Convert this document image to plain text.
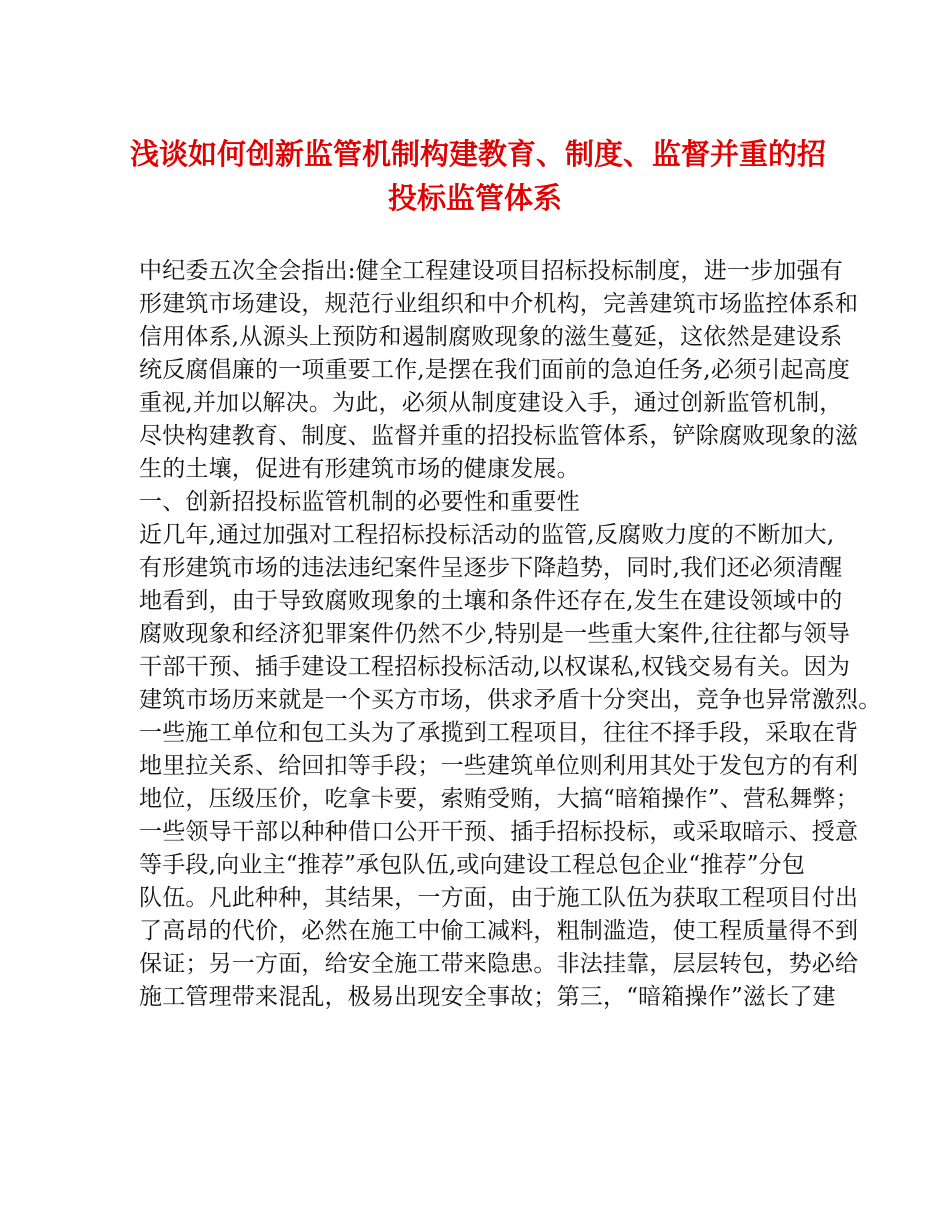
浅谈如何创新监管机制构建教育、制度、监督并重的招
投标监管体系
中纪委五次全会指出:健全工程建设项目招标投标制度，进一步加强有
形建筑市场建设，规范行业组织和中介机构，完善建筑市场监控体系和
信用体系,从源头上预防和遏制腐败现象的滋生蔓延，这依然是建设系
统反腐倡廉的一项重要工作,是摆在我们面前的急迫任务,必须引起高度
重视,并加以解决。为此，必须从制度建设入手，通过创新监管机制，
尽快构建教育、制度、监督并重的招投标监管体系，铲除腐败现象的滋
生的土壤，促进有形建筑市场的健康发展。
一、创新招投标监管机制的必要性和重要性
近几年,通过加强对工程招标投标活动的监管,反腐败力度的不断加大,
有形建筑市场的违法违纪案件呈逐步下降趋势，同时,我们还必须清醒
地看到，由于导致腐败现象的土壤和条件还存在,发生在建设领域中的
腐败现象和经济犯罪案件仍然不少,特别是一些重大案件,往往都与领导
干部干预、插手建设工程招标投标活动,以权谋私,权钱交易有关。因为
建筑市场历来就是一个买方市场，供求矛盾十分突出，竞争也异常激烈。
一些施工单位和包工头为了承揽到工程项目，往往不择手段，采取在背
地里拉关系、给回扣等手段；一些建筑单位则利用其处于发包方的有利
地位，压级压价，吃拿卡要，索贿受贿，大搞“暗箱操作”、营私舞弊；
一些领导干部以种种借口公开干预、插手招标投标，或采取暗示、授意
等手段,向业主“推荐”承包队伍,或向建设工程总包企业“推荐”分包
队伍。凡此种种，其结果，一方面，由于施工队伍为获取工程项目付出
了高昂的代价，必然在施工中偷工减料，粗制滥造，使工程质量得不到
保证；另一方面，给安全施工带来隐患。非法挂靠，层层转包，势必给
施工管理带来混乱，极易出现安全事故；第三，“暗箱操作”滋长了建
